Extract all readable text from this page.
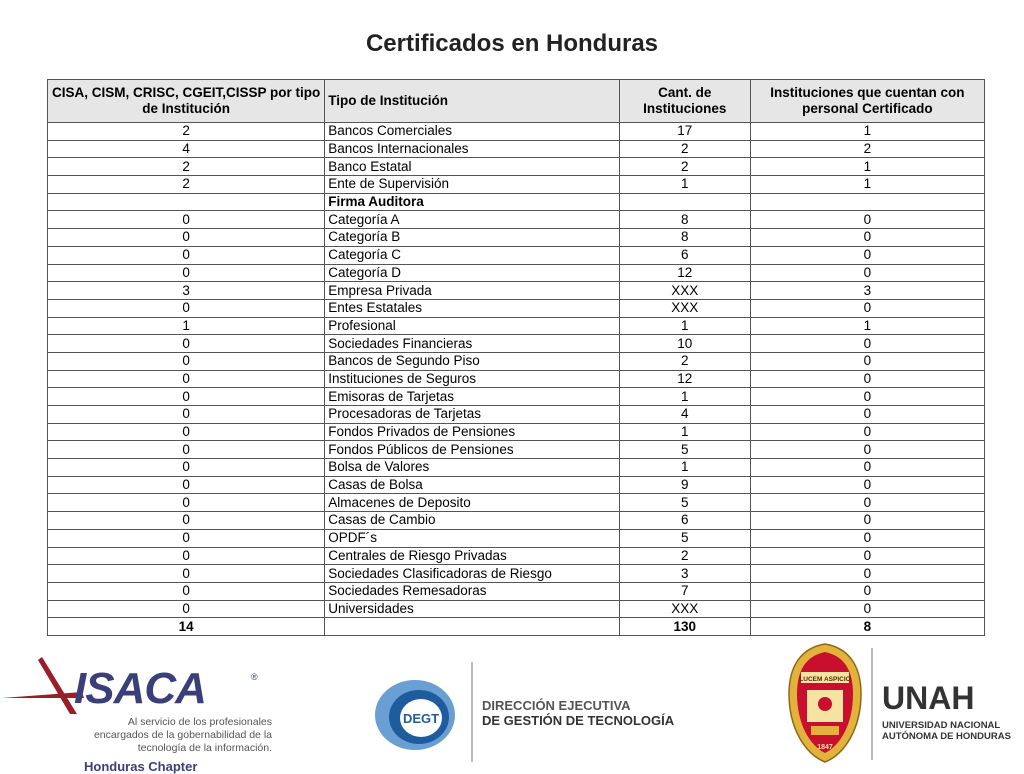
Certificados en Honduras
CISA, CISM, CRISC, CGEIT,CISSP por tipo de Institución	Tipo de Institución	Cant. de Instituciones	Instituciones que cuentan con personal Certificado
2	Bancos Comerciales	17	1
4	Bancos Internacionales	2	2
2	Banco Estatal	2	1
2	Ente de Supervisión	1	1
	Firma Auditora		
0	Categoría A	8	0
0	Categoría B	8	0
0	Categoría C	6	0
0	Categoría D	12	0
3	Empresa Privada	XXX	3
0	Entes Estatales	XXX	0
1	Profesional	1	1
0	Sociedades Financieras	10	0
0	Bancos de Segundo Piso	2	0
0	Instituciones de Seguros	12	0
0	Emisoras de Tarjetas	1	0
0	Procesadoras de Tarjetas	4	0
0	Fondos Privados de Pensiones	1	0
0	Fondos Públicos de Pensiones	5	0
0	Bolsa de Valores	1	0
0	Casas de Bolsa	9	0
0	Almacenes de Deposito	5	0
0	Casas de Cambio	6	0
0	OPDF´s	5	0
0	Centrales de Riesgo Privadas	2	0
0	Sociedades Clasificadoras de Riesgo	3	0
0	Sociedades Remesadoras	7	0
0	Universidades	XXX	0
14		130	8
ISACA	®
Al servicio de los profesionales
encargados de la gobernabilidad de la
tecnología de la información.
Honduras Chapter
DEGT
DIRECCIÓN EJECUTIVA
DE GESTIÓN DE TECNOLOGÍA
LUCEM ASPICIO
1847
UNAH
UNIVERSIDAD NACIONAL
AUTÓNOMA DE HONDURAS
